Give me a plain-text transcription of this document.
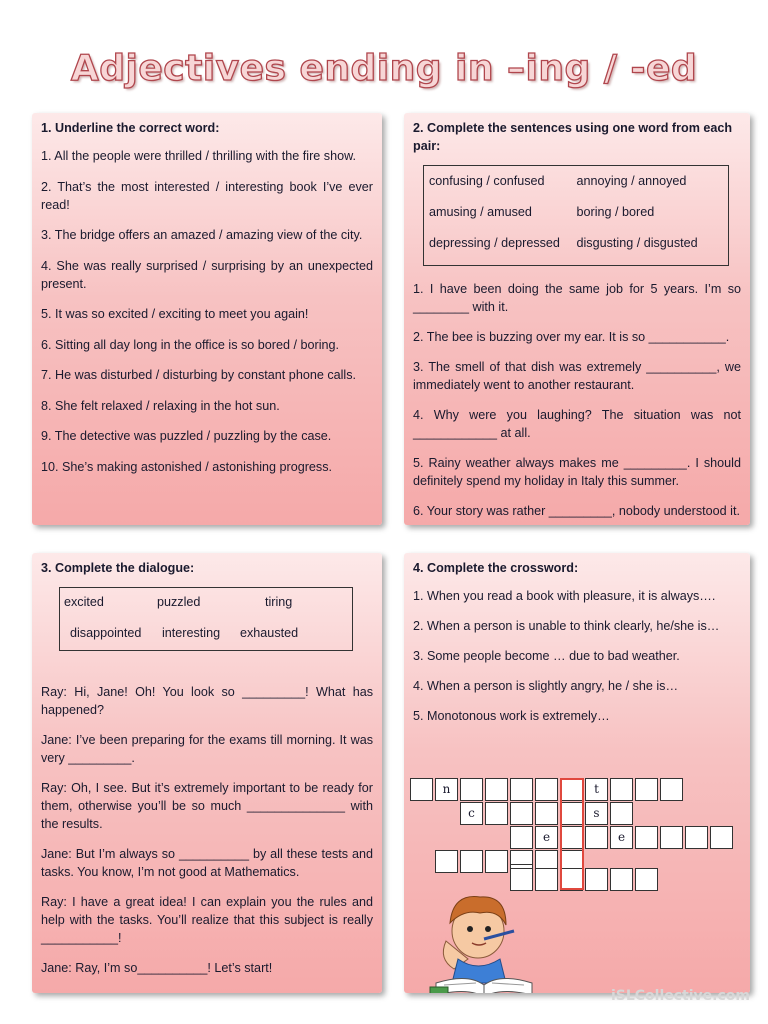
Adjectives ending in –ing / -ed
1. Underline the correct word:
1. All the people were thrilled / thrilling with the fire show.
2. That’s the most interested / interesting book I’ve ever read!
3. The bridge offers an amazed / amazing view of the city.
4. She was really surprised / surprising by an unexpected present.
5. It was so excited / exciting to meet you again!
6. Sitting all day long in the office is so bored / boring.
7. He was disturbed / disturbing by constant phone calls.
8. She felt relaxed / relaxing in the hot sun.
9. The detective was puzzled / puzzling by the case.
10. She’s making astonished / astonishing progress.
2. Complete the sentences using one word from each pair:
confusing / confused	annoying / annoyed
amusing / amused	boring / bored
depressing / depressed	disgusting / disgusted
1. I have been doing the same job for 5 years. I’m so ________ with it.
2. The bee is buzzing over my ear. It is so ___________.
3. The smell of that dish was extremely __________, we immediately went to another restaurant.
4. Why were you laughing? The situation was not ____________ at all.
5. Rainy weather always makes me _________. I should definitely spend my holiday in Italy this summer.
6. Your story was rather _________, nobody understood it.
3. Complete the dialogue:
excited	puzzled	tiring
disappointed interesting exhausted
Ray: Hi, Jane! Oh! You look so _________! What has happened?
Jane: I’ve been preparing for the exams till morning. It was very _________.
Ray: Oh, I see. But it’s extremely important to be ready for them, otherwise you’ll be so much ______________ with the results.
Jane: But I’m always so __________ by all these tests and tasks. You know, I’m not good at Mathematics.
Ray: I have a great idea! I can explain you the rules and help with the tasks. You’ll realize that this subject is really ___________!
Jane: Ray, I’m so__________! Let’s start!
4. Complete the crossword:
1. When you read a book with pleasure, it is always….
2. When a person is unable to think clearly, he/she is…
3. Some people become … due to bad weather.
4. When a person is slightly angry, he / she is…
5. Monotonous work is extremely…
n	t
c	s
e	e
iSLCollective.com
